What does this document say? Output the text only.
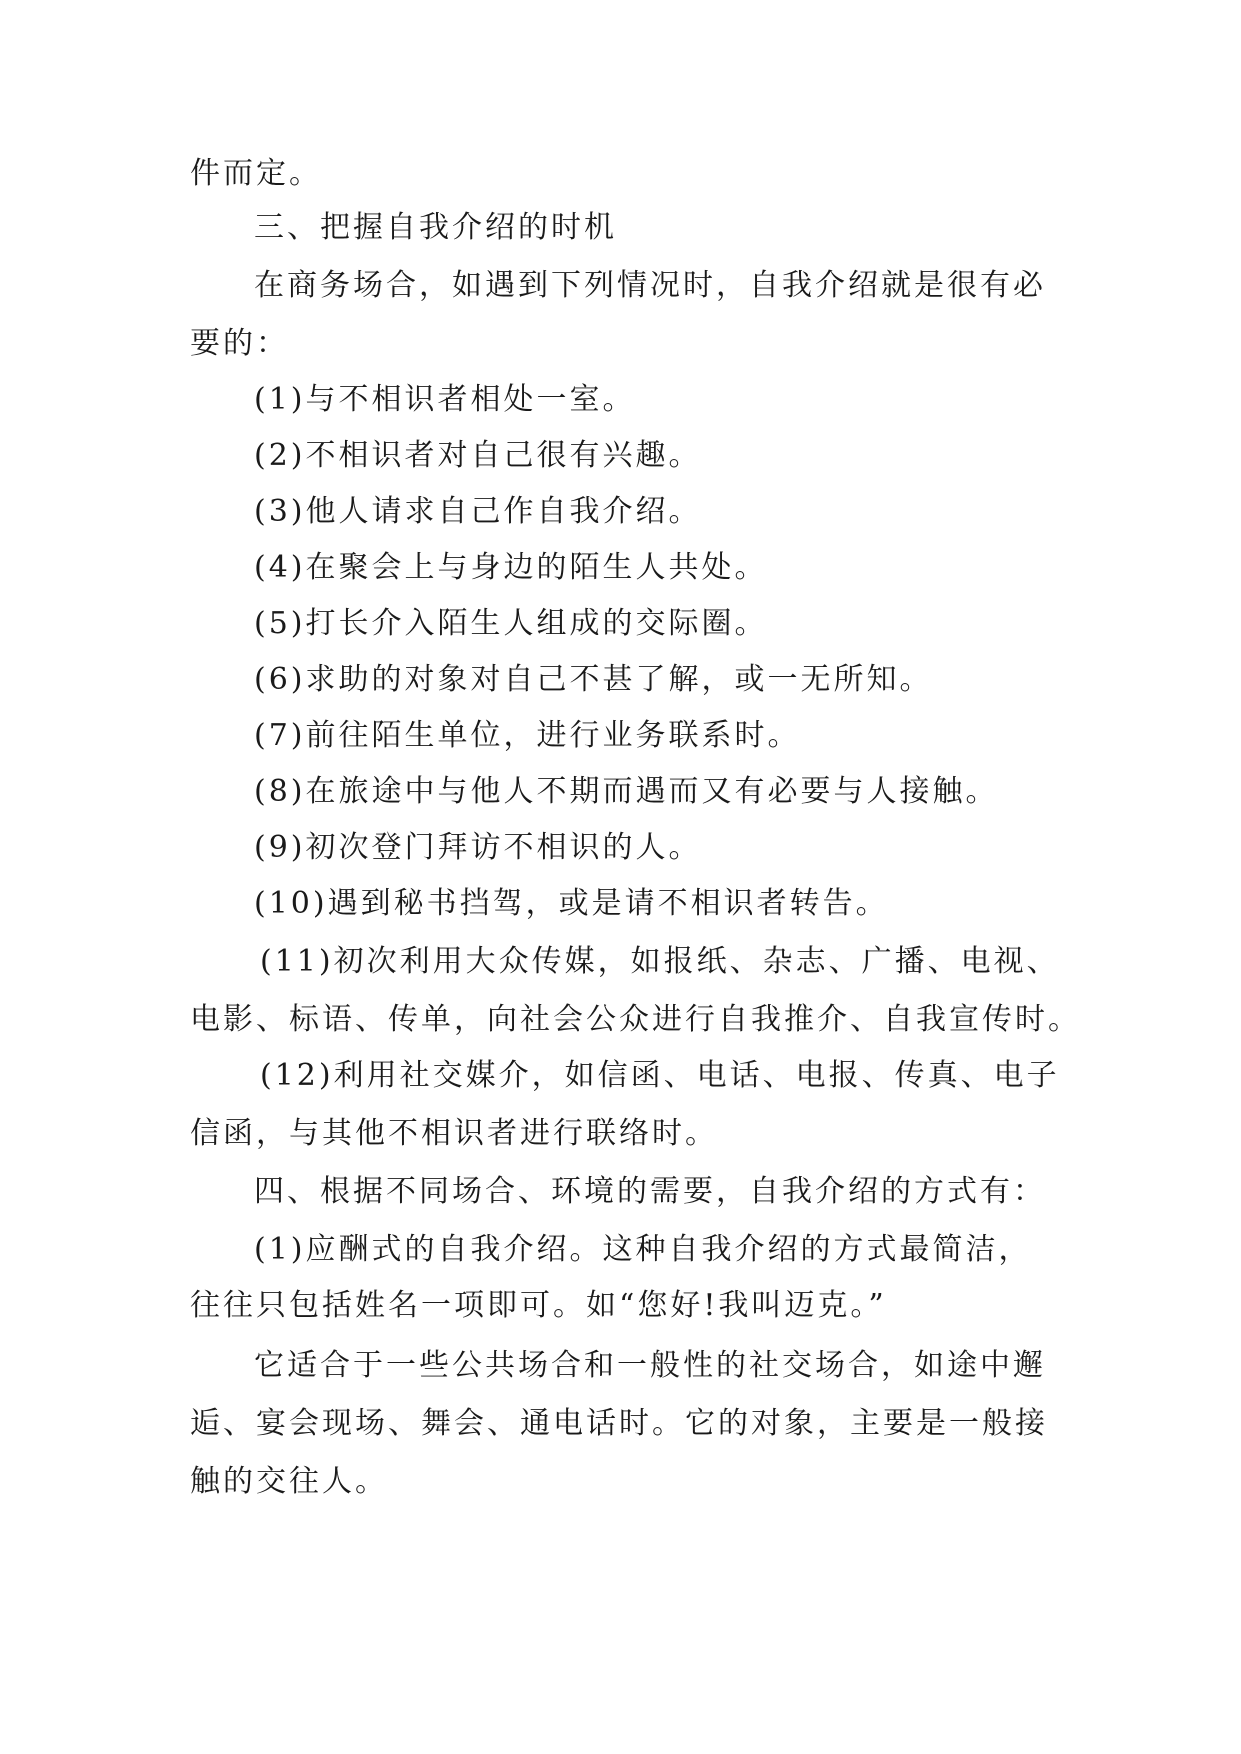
件而定。
三、把握自我介绍的时机
在商务场合，如遇到下列情况时，自我介绍就是很有必
要的：
(1)与不相识者相处一室。
(2)不相识者对自己很有兴趣。
(3)他人请求自己作自我介绍。
(4)在聚会上与身边的陌生人共处。
(5)打长介入陌生人组成的交际圈。
(6)求助的对象对自己不甚了解，或一无所知。
(7)前往陌生单位，进行业务联系时。
(8)在旅途中与他人不期而遇而又有必要与人接触。
(9)初次登门拜访不相识的人。
(10)遇到秘书挡驾，或是请不相识者转告。
(11)初次利用大众传媒，如报纸、杂志、广播、电视、
电影、标语、传单，向社会公众进行自我推介、自我宣传时。
(12)利用社交媒介，如信函、电话、电报、传真、电子
信函，与其他不相识者进行联络时。
四、根据不同场合、环境的需要，自我介绍的方式有：
(1)应酬式的自我介绍。这种自我介绍的方式最简洁，
往往只包括姓名一项即可。如“您好!我叫迈克。”
它适合于一些公共场合和一般性的社交场合，如途中邂
逅、宴会现场、舞会、通电话时。它的对象，主要是一般接
触的交往人。
